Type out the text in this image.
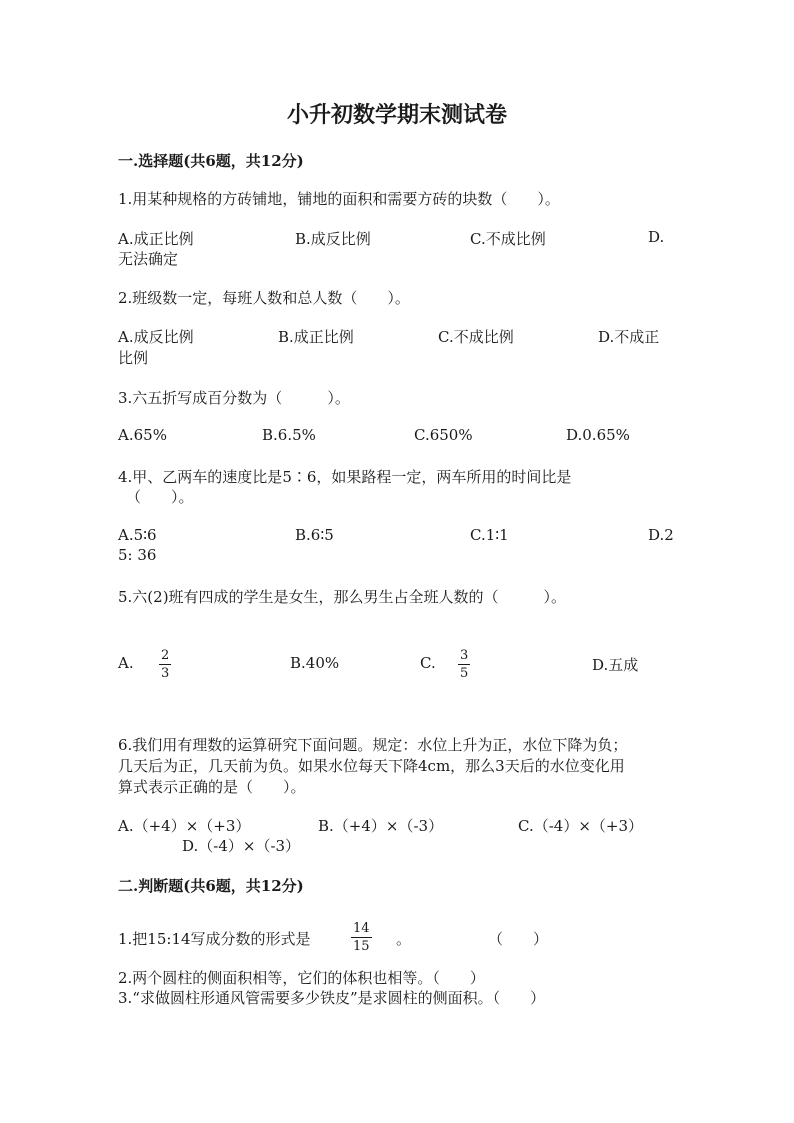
小升初数学期末测试卷
一.选择题(共6题，共12分)
1.用某种规格的方砖铺地，铺地的面积和需要方砖的块数（　　）。
A.成正比例	B.成反比例	C.不成比例	D.
无法确定
2.班级数一定，每班人数和总人数（　　）。
A.成反比例	B.成正比例	C.不成比例	D.不成正
比例
3.六五折写成百分数为（　　　）。
A.65%	B.6.5%	C.650%	D.0.65%
4.甲、乙两车的速度比是5∶6，如果路程一定，两车所用的时间比是
（　　）。
A.5∶6	B.6∶5	C.1∶1	D.2
5: 36
5.六(2)班有四成的学生是女生，那么男生占全班人数的（　　　）。
A. 2
3
B.40%	C. 3
5	D.五成
6.我们用有理数的运算研究下面问题。规定：水位上升为正，水位下降为负；
几天后为正，几天前为负。如果水位每天下降4cm，那么3天后的水位变化用
算式表示正确的是（　　）。
A.（+4）×（+3）	B.（+4）×（-3）	C.（-4）×（+3）
D.（-4）×（-3）
二.判断题(共6题，共12分)
1.把15:14写成分数的形式是
14
15 。	（　　）
2.两个圆柱的侧面积相等，它们的体积也相等。（　　）
3.“求做圆柱形通风管需要多少铁皮”是求圆柱的侧面积。（　　）
